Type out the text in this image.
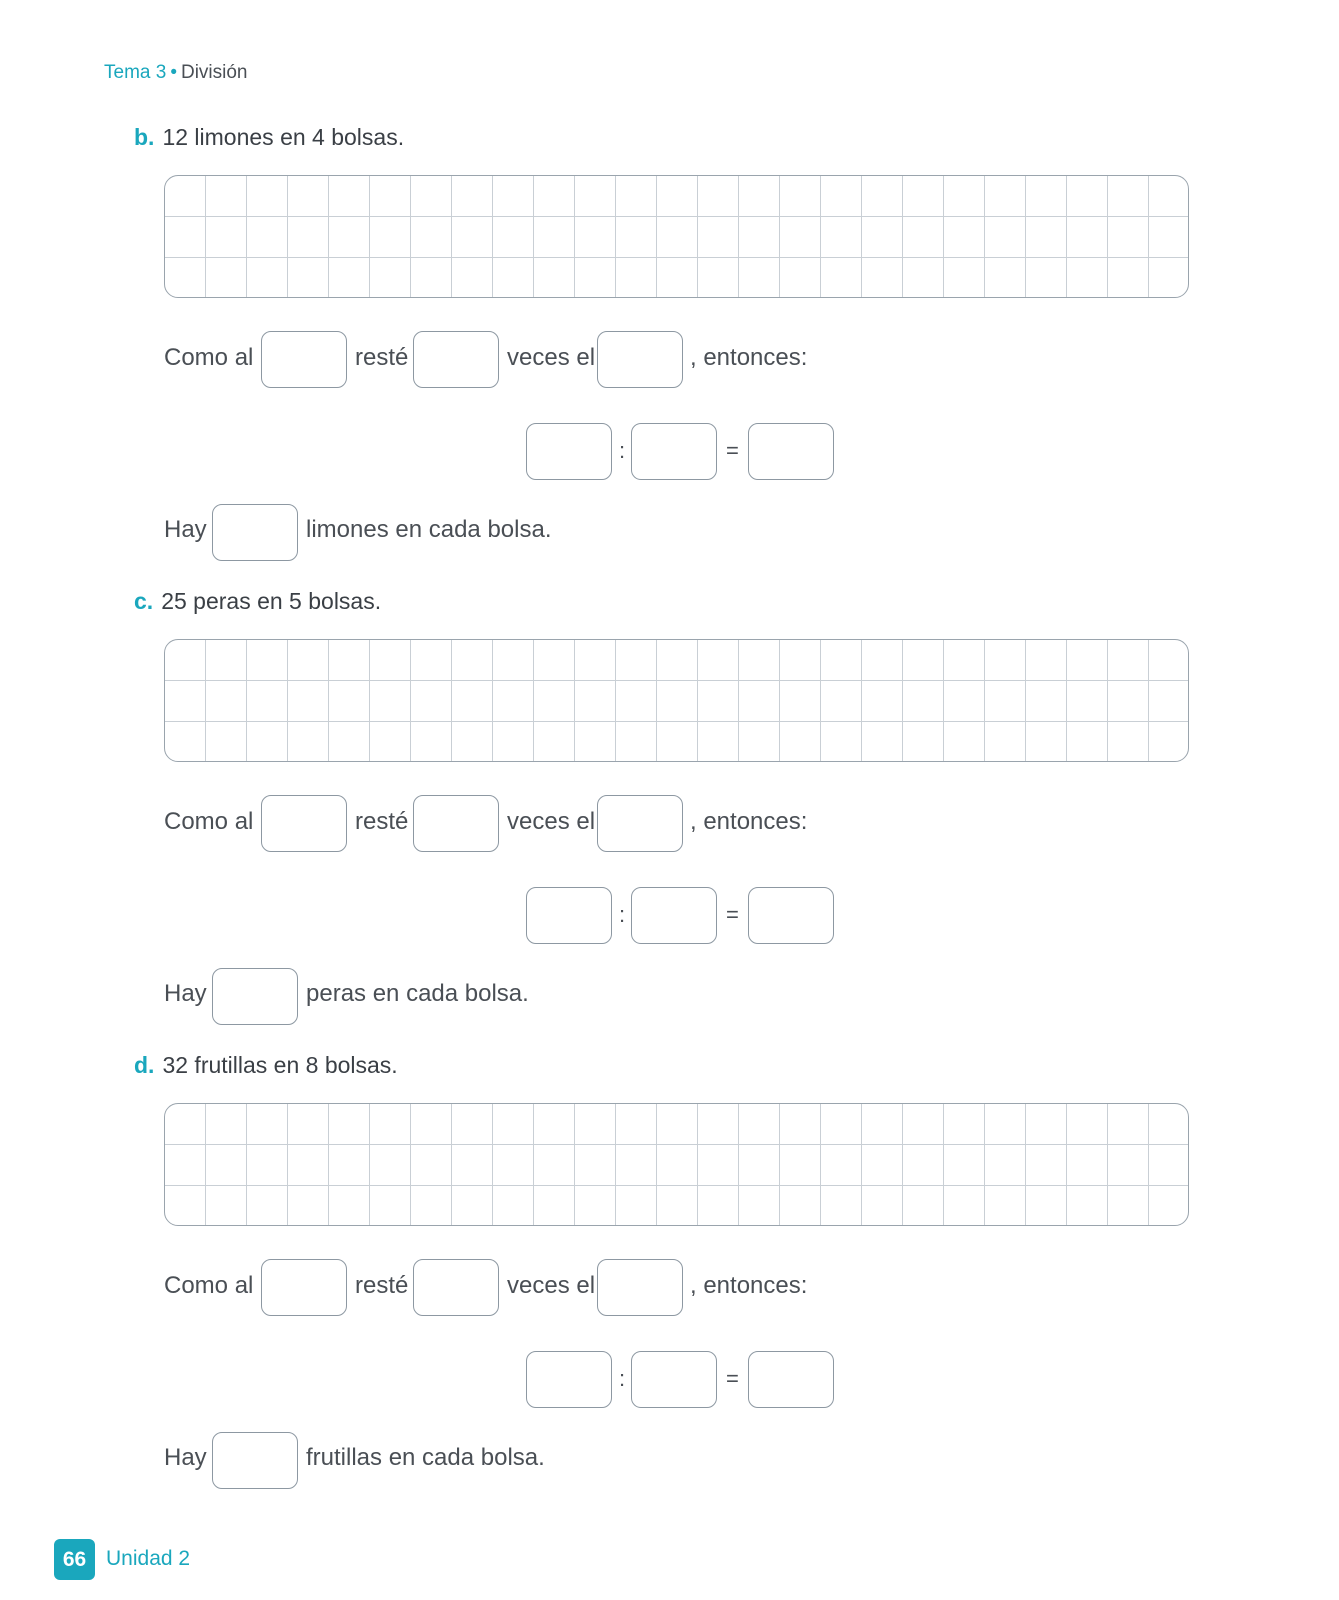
Tema 3 • División
b. 12 limones en 4 bolsas.
Como al	resté	veces el	, entonces:
:	=
Hay	limones en cada bolsa.
c. 25 peras en 5 bolsas.
Como al	resté	veces el	, entonces:
:	=
Hay	peras en cada bolsa.
d. 32 frutillas en 8 bolsas.
Como al	resté	veces el	, entonces:
:	=
Hay	frutillas en cada bolsa.
66 Unidad 2
